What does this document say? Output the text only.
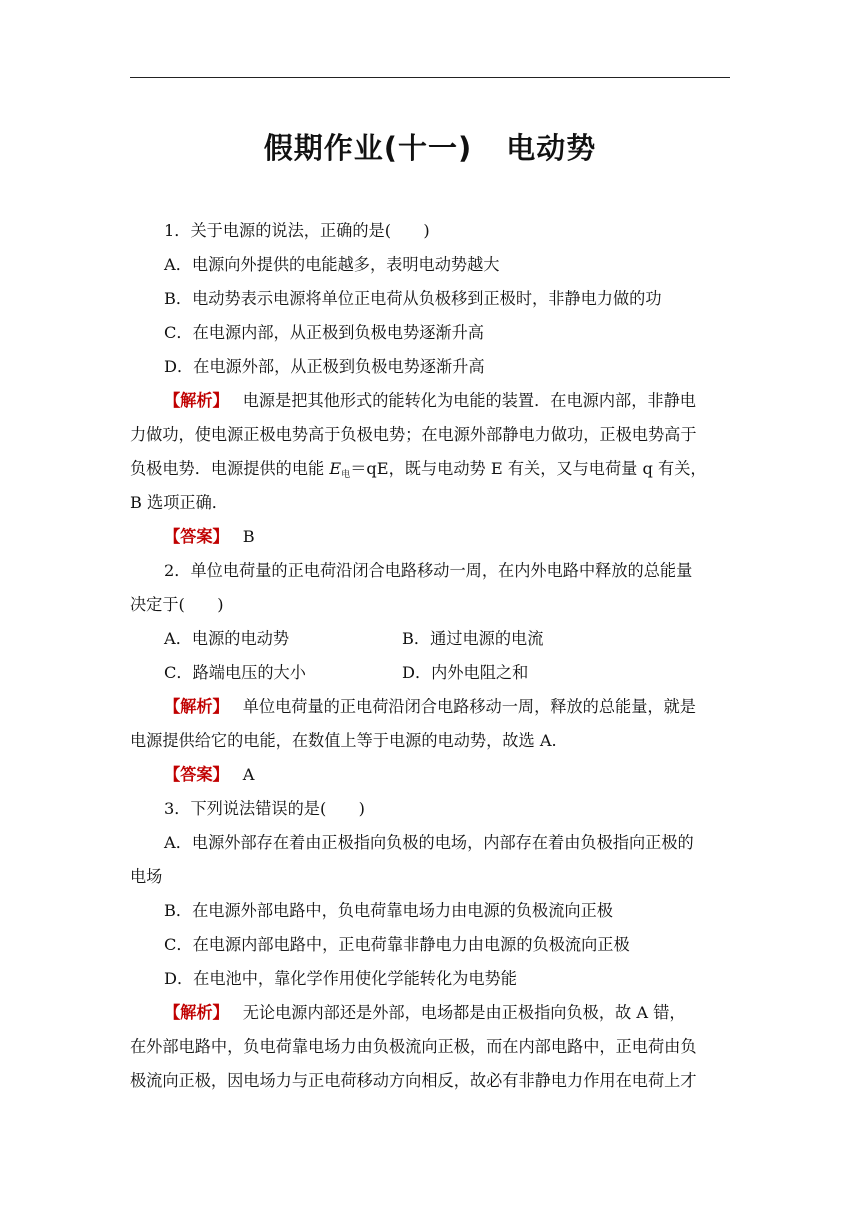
假期作业(十一) 电动势
1．关于电源的说法，正确的是(　　)
A．电源向外提供的电能越多，表明电动势越大
B．电动势表示电源将单位正电荷从负极移到正极时，非静电力做的功
C．在电源内部，从正极到负极电势逐渐升高
D．在电源外部，从正极到负极电势逐渐升高
【解析】 电源是把其他形式的能转化为电能的装置．在电源内部，非静电
力做功，使电源正极电势高于负极电势；在电源外部静电力做功，正极电势高于
负极电势．电源提供的电能 $E_电=qE$，既与电动势 E 有关，又与电荷量 q 有关，
B 选项正确．
【答案】 B
2．单位电荷量的正电荷沿闭合电路移动一周，在内外电路中释放的总能量
决定于(　　)
A．电源的电动势	B．通过电源的电流
C．路端电压的大小	D．内外电阻之和
【解析】 单位电荷量的正电荷沿闭合电路移动一周，释放的总能量，就是
电源提供给它的电能，在数值上等于电源的电动势，故选 A.
【答案】 A
3．下列说法错误的是(　　)
A．电源外部存在着由正极指向负极的电场，内部存在着由负极指向正极的
电场
B．在电源外部电路中，负电荷靠电场力由电源的负极流向正极
C．在电源内部电路中，正电荷靠非静电力由电源的负极流向正极
D．在电池中，靠化学作用使化学能转化为电势能
【解析】 无论电源内部还是外部，电场都是由正极指向负极，故 A 错，
在外部电路中，负电荷靠电场力由负极流向正极，而在内部电路中，正电荷由负
极流向正极，因电场力与正电荷移动方向相反，故必有非静电力作用在电荷上才
